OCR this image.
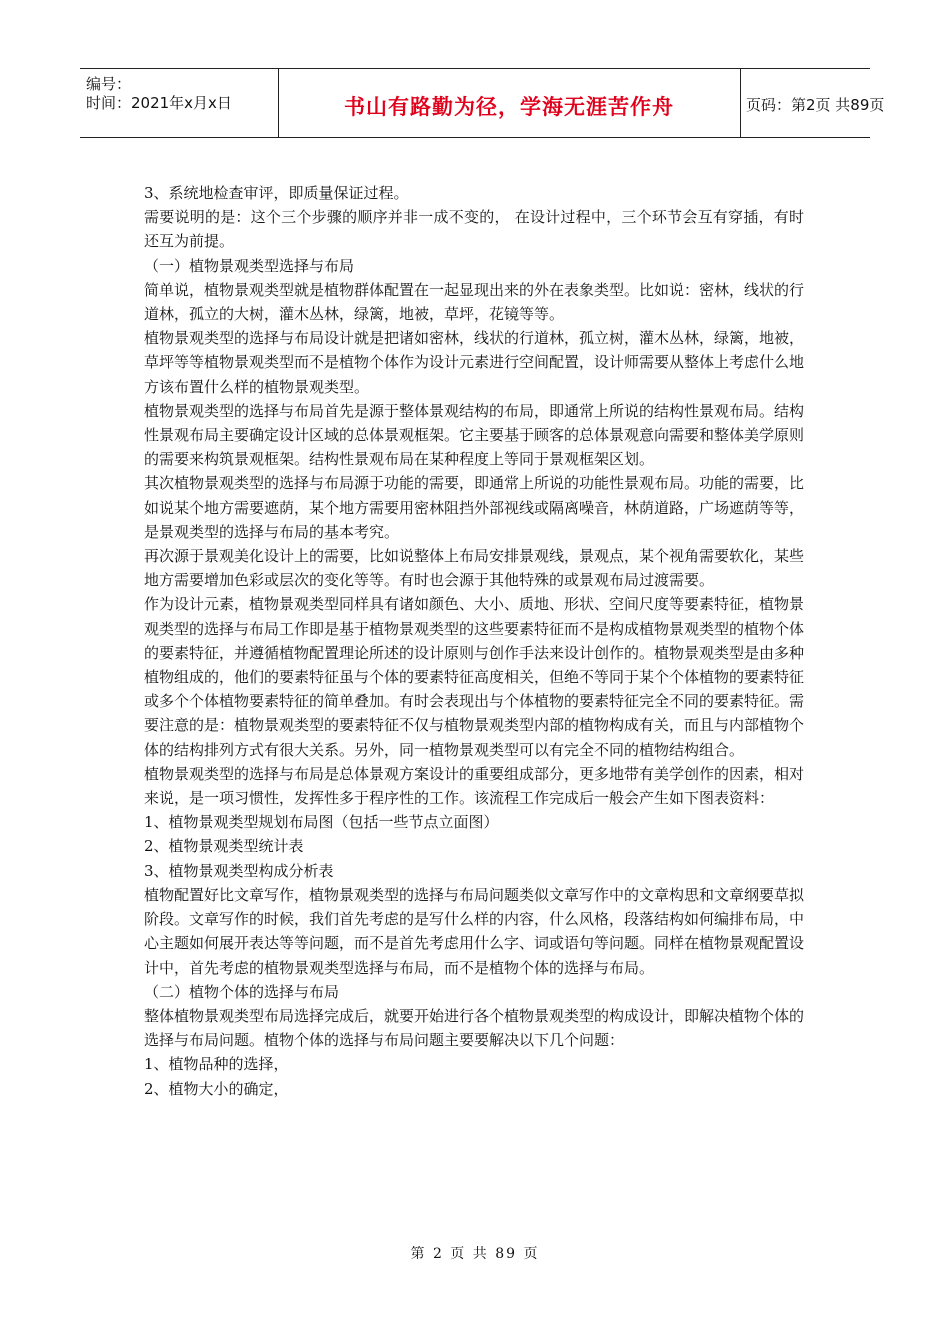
编号：
时间：2021年x月x日	书山有路勤为径，学海无涯苦作舟	页码：第2页 共89页

3、系统地检查审评，即质量保证过程。

需要说明的是：这个三个步骤的顺序并非一成不变的， 在设计过程中，三个环节会互有穿插，有时还互为前提。

（一）植物景观类型选择与布局

简单说，植物景观类型就是植物群体配置在一起显现出来的外在表象类型。比如说：密林，线状的行道林，孤立的大树，灌木丛林，绿篱，地被，草坪，花镜等等。

植物景观类型的选择与布局设计就是把诸如密林，线状的行道林，孤立树，灌木丛林，绿篱，地被，草坪等等植物景观类型而不是植物个体作为设计元素进行空间配置，设计师需要从整体上考虑什么地方该布置什么样的植物景观类型。

植物景观类型的选择与布局首先是源于整体景观结构的布局，即通常上所说的结构性景观布局。结构性景观布局主要确定设计区域的总体景观框架。它主要基于顾客的总体景观意向需要和整体美学原则的需要来构筑景观框架。结构性景观布局在某种程度上等同于景观框架区划。

其次植物景观类型的选择与布局源于功能的需要，即通常上所说的功能性景观布局。功能的需要，比如说某个地方需要遮荫，某个地方需要用密林阻挡外部视线或隔离噪音，林荫道路，广场遮荫等等，是景观类型的选择与布局的基本考究。

再次源于景观美化设计上的需要，比如说整体上布局安排景观线，景观点，某个视角需要软化，某些地方需要增加色彩或层次的变化等等。有时也会源于其他特殊的或景观布局过渡需要。

作为设计元素，植物景观类型同样具有诸如颜色、大小、质地、形状、空间尺度等要素特征，植物景观类型的选择与布局工作即是基于植物景观类型的这些要素特征而不是构成植物景观类型的植物个体的要素特征，并遵循植物配置理论所述的设计原则与创作手法来设计创作的。植物景观类型是由多种植物组成的，他们的要素特征虽与个体的要素特征高度相关，但绝不等同于某个个体植物的要素特征或多个个体植物要素特征的简单叠加。有时会表现出与个体植物的要素特征完全不同的要素特征。需要注意的是：植物景观类型的要素特征不仅与植物景观类型内部的植物构成有关，而且与内部植物个体的结构排列方式有很大关系。另外，同一植物景观类型可以有完全不同的植物结构组合。

植物景观类型的选择与布局是总体景观方案设计的重要组成部分，更多地带有美学创作的因素，相对来说，是一项习惯性，发挥性多于程序性的工作。该流程工作完成后一般会产生如下图表资料：

1、植物景观类型规划布局图（包括一些节点立面图）

2、植物景观类型统计表

3、植物景观类型构成分析表

植物配置好比文章写作，植物景观类型的选择与布局问题类似文章写作中的文章构思和文章纲要草拟阶段。文章写作的时候，我们首先考虑的是写什么样的内容，什么风格，段落结构如何编排布局，中心主题如何展开表达等等问题，而不是首先考虑用什么字、词或语句等问题。同样在植物景观配置设计中，首先考虑的植物景观类型选择与布局，而不是植物个体的选择与布局。

（二）植物个体的选择与布局

整体植物景观类型布局选择完成后，就要开始进行各个植物景观类型的构成设计，即解决植物个体的选择与布局问题。植物个体的选择与布局问题主要要解决以下几个问题：

1、植物品种的选择，

2、植物大小的确定，

第 2 页 共 89 页
